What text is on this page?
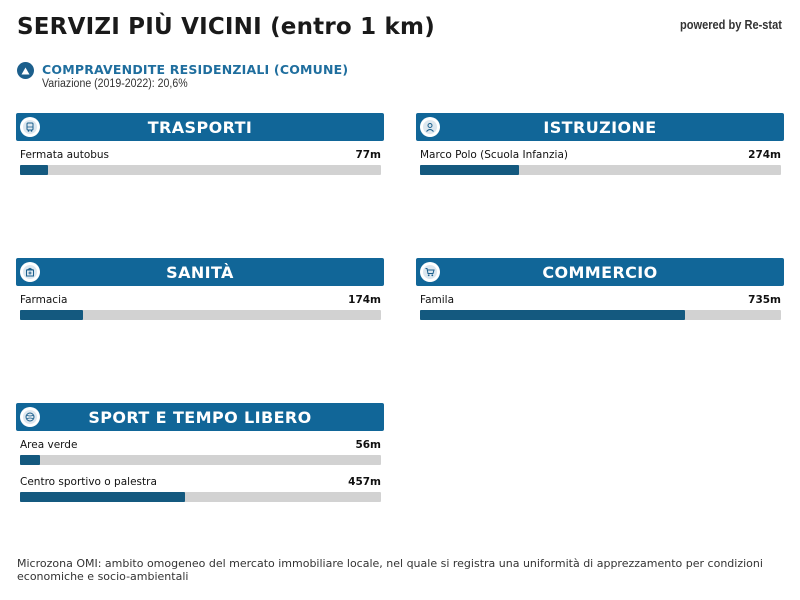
SERVIZI PIÙ VICINI (entro 1 km)	powered by Re-stat
COMPRAVENDITE RESIDENZIALI (COMUNE)
Variazione (2019-2022): 20,6%
TRASPORTI
Fermata autobus	77m
ISTRUZIONE
Marco Polo (Scuola Infanzia)	274m
SANITÀ
Farmacia	174m
COMMERCIO
Famila	735m
SPORT E TEMPO LIBERO
Area verde	56m
Centro sportivo o palestra	457m
Microzona OMI: ambito omogeneo del mercato immobiliare locale, nel quale si registra una uniformità di apprezzamento per condizioni economiche e socio-ambientali
